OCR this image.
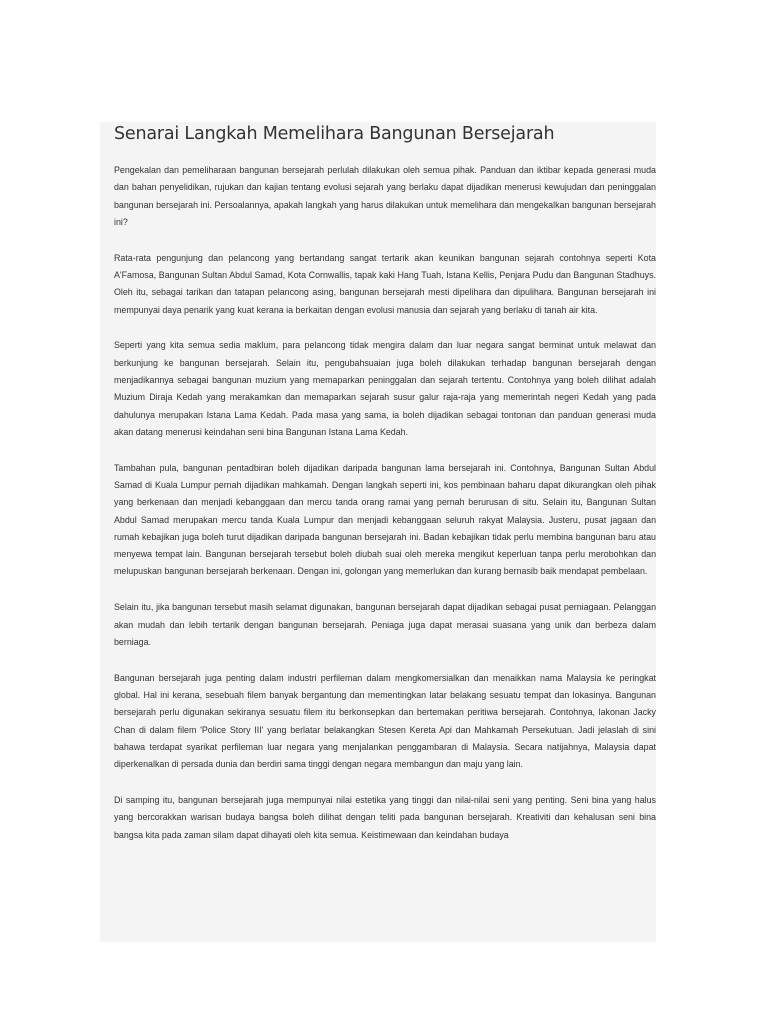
Senarai Langkah Memelihara Bangunan Bersejarah

Pengekalan dan pemeliharaan bangunan bersejarah perlulah dilakukan oleh semua pihak. Panduan dan iktibar kepada generasi muda dan bahan penyelidikan, rujukan dan kajian tentang evolusi sejarah yang berlaku dapat dijadikan menerusi kewujudan dan peninggalan bangunan bersejarah ini. Persoalannya, apakah langkah yang harus dilakukan untuk memelihara dan mengekalkan bangunan bersejarah ini?

Rata-rata pengunjung dan pelancong yang bertandang sangat tertarik akan keunikan bangunan sejarah contohnya seperti Kota A'Famosa, Bangunan Sultan Abdul Samad, Kota Cornwallis, tapak kaki Hang Tuah, Istana Kellis, Penjara Pudu dan Bangunan Stadhuys. Oleh itu, sebagai tarikan dan tatapan pelancong asing, bangunan bersejarah mesti dipelihara dan dipulihara. Bangunan bersejarah ini mempunyai daya penarik yang kuat kerana ia berkaitan dengan evolusi manusia dan sejarah yang berlaku di tanah air kita.

Seperti yang kita semua sedia maklum, para pelancong tidak mengira dalam dan luar negara sangat berminat untuk melawat dan berkunjung ke bangunan bersejarah. Selain itu, pengubahsuaian juga boleh dilakukan terhadap bangunan bersejarah dengan menjadikannya sebagai bangunan muzium yang memaparkan peninggalan dan sejarah tertentu. Contohnya yang boleh dilihat adalah Muzium Diraja Kedah yang merakamkan dan memaparkan sejarah susur galur raja-raja yang memerintah negeri Kedah yang pada dahulunya merupakan Istana Lama Kedah. Pada masa yang sama, ia boleh dijadikan sebagai tontonan dan panduan generasi muda akan datang menerusi keindahan seni bina Bangunan Istana Lama Kedah.

Tambahan pula, bangunan pentadbiran boleh dijadikan daripada bangunan lama bersejarah ini. Contohnya, Bangunan Sultan Abdul Samad di Kuala Lumpur pernah dijadikan mahkamah. Dengan langkah seperti ini, kos pembinaan baharu dapat dikurangkan oleh pihak yang berkenaan dan menjadi kebanggaan dan mercu tanda orang ramai yang pernah berurusan di situ. Selain itu, Bangunan Sultan Abdul Samad merupakan mercu tanda Kuala Lumpur dan menjadi kebanggaan seluruh rakyat Malaysia. Justeru, pusat jagaan dan rumah kebajikan juga boleh turut dijadikan daripada bangunan bersejarah ini. Badan kebajikan tidak perlu membina bangunan baru atau menyewa tempat lain. Bangunan bersejarah tersebut boleh diubah suai oleh mereka mengikut keperluan tanpa perlu merobohkan dan melupuskan bangunan bersejarah berkenaan. Dengan ini, golongan yang memerlukan dan kurang bernasib baik mendapat pembelaan.

Selain itu, jika bangunan tersebut masih selamat digunakan, bangunan bersejarah dapat dijadikan sebagai pusat perniagaan. Pelanggan akan mudah dan lebih tertarik dengan bangunan bersejarah. Peniaga juga dapat merasai suasana yang unik dan berbeza dalam berniaga.

Bangunan bersejarah juga penting dalam industri perfileman dalam mengkomersialkan dan menaikkan nama Malaysia ke peringkat global. Hal ini kerana, sesebuah filem banyak bergantung dan mementingkan latar belakang sesuatu tempat dan lokasinya. Bangunan bersejarah perlu digunakan sekiranya sesuatu filem itu berkonsepkan dan bertemakan peritiwa bersejarah. Contohnya, lakonan Jacky Chan di dalam filem 'Police Story III' yang berlatar belakangkan Stesen Kereta Api dan Mahkamah Persekutuan. Jadi jelaslah di sini bahawa terdapat syarikat perfileman luar negara yang menjalankan penggambaran di Malaysia. Secara natijahnya, Malaysia dapat diperkenalkan di persada dunia dan berdiri sama tinggi dengan negara membangun dan maju yang lain.

Di samping itu, bangunan bersejarah juga mempunyai nilai estetika yang tinggi dan nilai-nilai seni yang penting. Seni bina yang halus yang bercorakkan warisan budaya bangsa boleh dilihat dengan teliti pada bangunan bersejarah. Kreativiti dan kehalusan seni bina bangsa kita pada zaman silam dapat dihayati oleh kita semua. Keistimewaan dan keindahan budaya
